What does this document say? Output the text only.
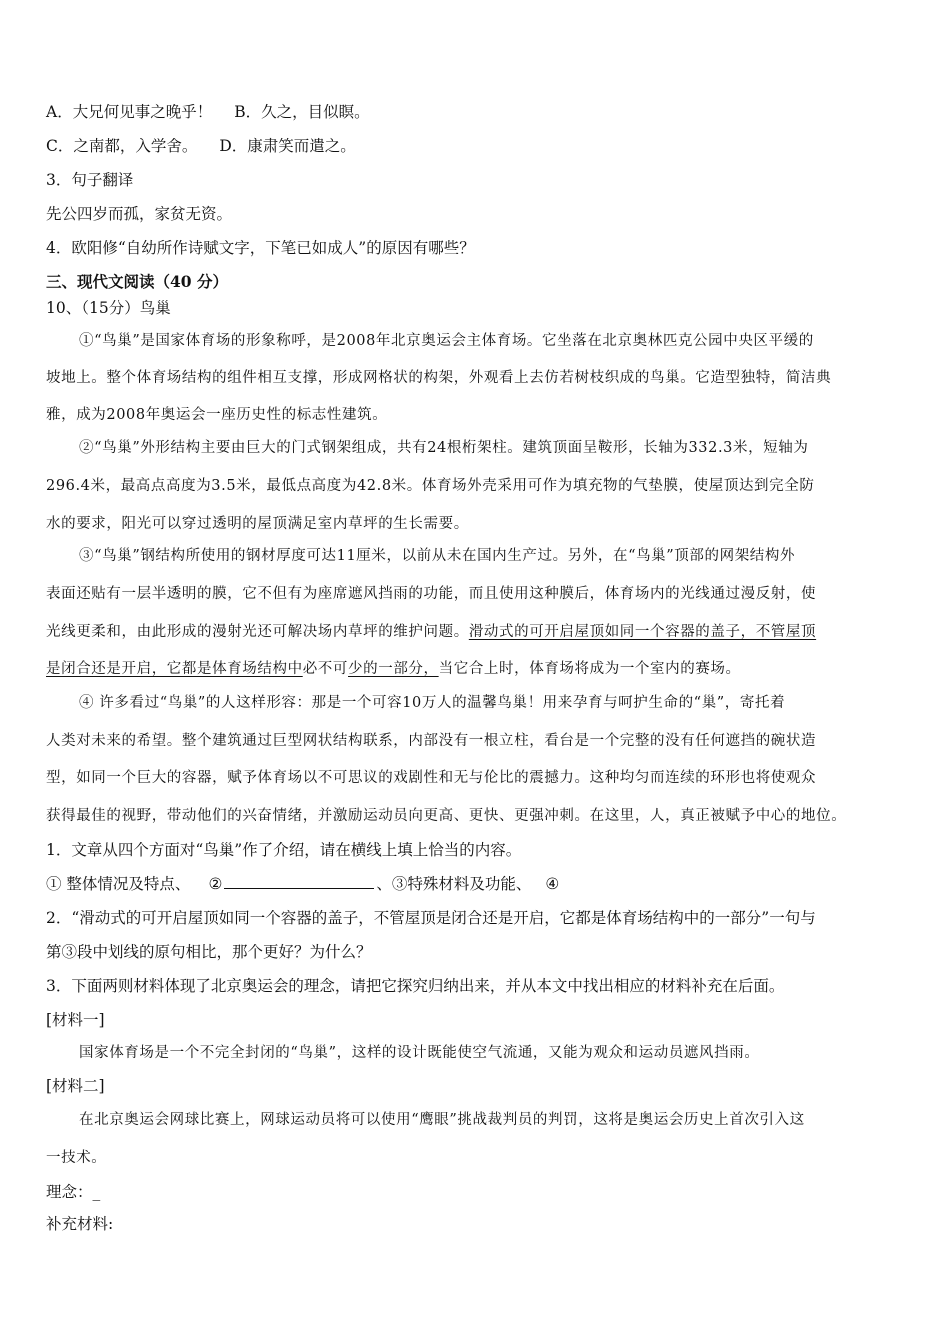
A．大兄何见事之晚乎！ B．久之，目似瞑。
C．之南都，入学舍。 D．康肃笑而遣之。
3．句子翻译
先公四岁而孤，家贫无资。
4．欧阳修“自幼所作诗赋文字，下笔已如成人”的原因有哪些？
三、现代文阅读（40 分）
10、（15分）鸟巢
①“鸟巢”是国家体育场的形象称呼，是2008年北京奥运会主体育场。它坐落在北京奥林匹克公园中央区平缓的
坡地上。整个体育场结构的组件相互支撑，形成网格状的构架，外观看上去仿若树枝织成的鸟巢。它造型独特，简洁典
雅，成为2008年奥运会一座历史性的标志性建筑。
②“鸟巢”外形结构主要由巨大的门式钢架组成，共有24根桁架柱。建筑顶面呈鞍形，长轴为332.3米，短轴为
296.4米，最高点高度为3.5米，最低点高度为42.8米。体育场外壳采用可作为填充物的气垫膜，使屋顶达到完全防
水的要求，阳光可以穿过透明的屋顶满足室内草坪的生长需要。
③“鸟巢”钢结构所使用的钢材厚度可达11厘米，以前从未在国内生产过。另外，在“鸟巢”顶部的网架结构外
表面还贴有一层半透明的膜，它不但有为座席遮风挡雨的功能，而且使用这种膜后，体育场内的光线通过漫反射，使
光线更柔和，由此形成的漫射光还可解决场内草坪的维护问题。滑动式的可开启屋顶如同一个容器的盖子，不管屋顶
是闭合还是开启，它都是体育场结构中必不可少的一部分，当它合上时，体育场将成为一个室内的赛场。
④ 许多看过“鸟巢”的人这样形容：那是一个可容10万人的温馨鸟巢！用来孕育与呵护生命的“巢”，寄托着
人类对未来的希望。整个建筑通过巨型网状结构联系，内部没有一根立柱，看台是一个完整的没有任何遮挡的碗状造
型，如同一个巨大的容器，赋予体育场以不可思议的戏剧性和无与伦比的震撼力。这种均匀而连续的环形也将使观众
获得最佳的视野，带动他们的兴奋情绪，并激励运动员向更高、更快、更强冲刺。在这里，人，真正被赋予中心的地位。
1．文章从四个方面对“鸟巢”作了介绍，请在横线上填上恰当的内容。
① 整体情况及特点、 ②	、③特殊材料及功能、 ④
2．“滑动式的可开启屋顶如同一个容器的盖子，不管屋顶是闭合还是开启，它都是体育场结构中的一部分”一句与
第③段中划线的原句相比，那个更好？为什么？
3．下面两则材料体现了北京奥运会的理念，请把它探究归纳出来，并从本文中找出相应的材料补充在后面。
[材料一]
国家体育场是一个不完全封闭的“鸟巢”，这样的设计既能使空气流通，又能为观众和运动员遮风挡雨。
[材料二]
在北京奥运会网球比赛上，网球运动员将可以使用“鹰眼”挑战裁判员的判罚，这将是奥运会历史上首次引入这
一技术。
理念：_
补充材料:
